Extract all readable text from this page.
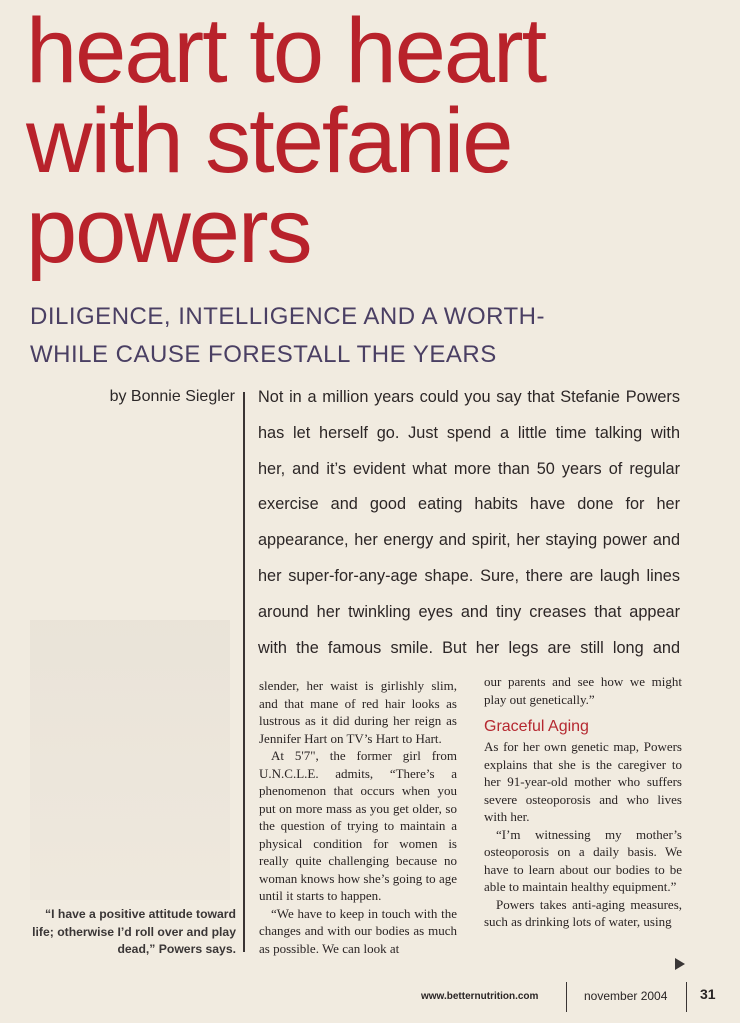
heart to heart
with stefanie
powers
DILIGENCE, INTELLIGENCE AND A WORTH-
WHILE CAUSE FORESTALL THE YEARS
by Bonnie Siegler Not in a million years could you say that Stefanie Powers
has let herself go. Just spend a little time talking with
her, and it’s evident what more than 50 years of regular
exercise and good eating habits have done for her
appearance, her energy and spirit, her staying power and
her super-for-any-age shape. Sure, there are laugh lines
around her twinkling eyes and tiny creases that appear
with the famous smile. But her legs are still long and

slender, her waist is girlishly slim, and that mane of red hair looks as lustrous as it did during her reign as Jennifer Hart on TV’s Hart to Hart.

At 5'7", the former girl from U.N.C.L.E. admits, “There’s a phenomenon that occurs when you put on more mass as you get older, so the question of trying to maintain a physical condition for women is really quite challenging because no woman knows how she’s going to age until it starts to happen.

“We have to keep in touch with the changes and with our bodies as much as possible. We can look at

our parents and see how we might play out genetically.”

Graceful Aging

As for her own genetic map, Powers explains that she is the caregiver to her 91-year-old mother who suffers severe osteoporosis and who lives with her.

“I’m witnessing my mother’s osteoporosis on a daily basis. We have to learn about our bodies to be able to maintain healthy equipment.”

Powers takes anti-aging measures, such as drinking lots of water, using

“I have a positive attitude toward life; otherwise I’d roll over and play dead,” Powers says.
www.betternutrition.com	november 2004 31
